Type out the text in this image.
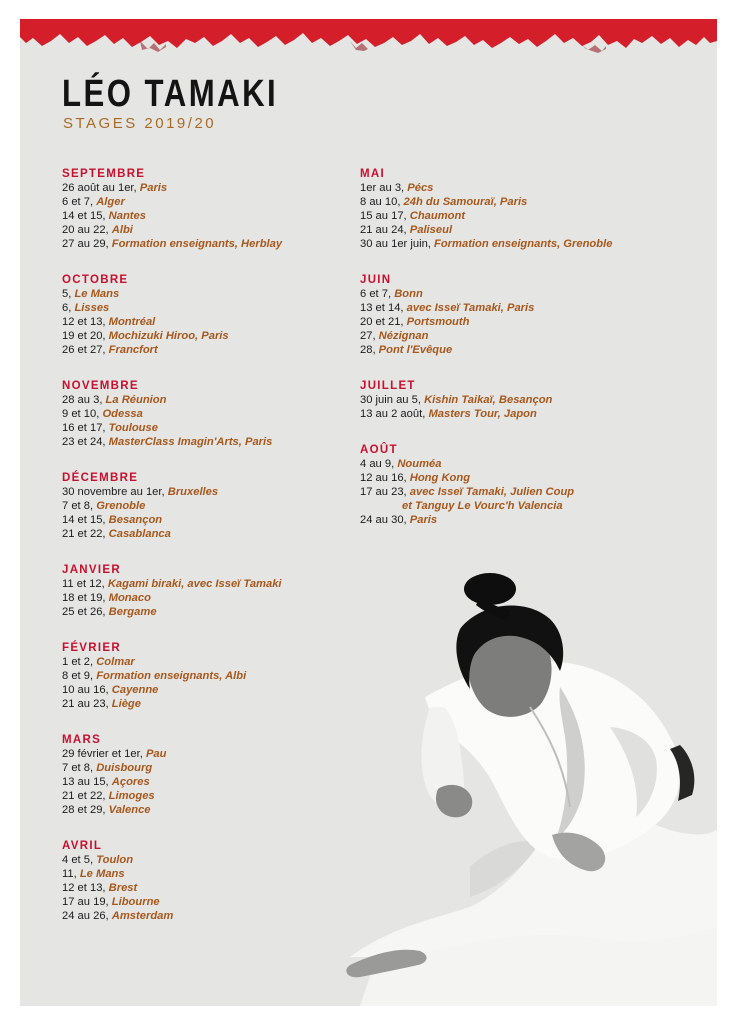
LÉO TAMAKI
STAGES 2019/20
SEPTEMBRE
26 août au 1er, Paris
6 et 7, Alger
14 et 15, Nantes
20 au 22, Albi
27 au 29, Formation enseignants, Herblay
OCTOBRE
5, Le Mans
6, Lisses
12 et 13, Montréal
19 et 20, Mochizuki Hiroo, Paris
26 et 27, Francfort
NOVEMBRE
28 au 3, La Réunion
9 et 10, Odessa
16 et 17, Toulouse
23 et 24, MasterClass Imagin'Arts, Paris
DÉCEMBRE
30 novembre au 1er, Bruxelles
7 et 8, Grenoble
14 et 15, Besançon
21 et 22, Casablanca
JANVIER
11 et 12, Kagami biraki, avec Isseï Tamaki
18 et 19, Monaco
25 et 26, Bergame
FÉVRIER
1 et 2, Colmar
8 et 9, Formation enseignants, Albi
10 au 16, Cayenne
21 au 23, Liège
MARS
29 février et 1er, Pau
7 et 8, Duisbourg
13 au 15, Açores
21 et 22, Limoges
28 et 29, Valence
AVRIL
4 et 5, Toulon
11, Le Mans
12 et 13, Brest
17 au 19, Libourne
24 au 26, Amsterdam
MAI
1er au 3, Pécs
8 au 10, 24h du Samouraï, Paris
15 au 17, Chaumont
21 au 24, Paliseul
30 au 1er juin, Formation enseignants, Grenoble
JUIN
6 et 7, Bonn
13 et 14, avec Isseï Tamaki, Paris
20 et 21, Portsmouth
27, Nézignan
28, Pont l'Evêque
JUILLET
30 juin au 5, Kishin Taikaï, Besançon
13 au 2 août, Masters Tour, Japon
AOÛT
4 au 9, Nouméa
12 au 16, Hong Kong
17 au 23, avec Isseï Tamaki, Julien Coup
et Tanguy Le Vourc'h Valencia
24 au 30, Paris
